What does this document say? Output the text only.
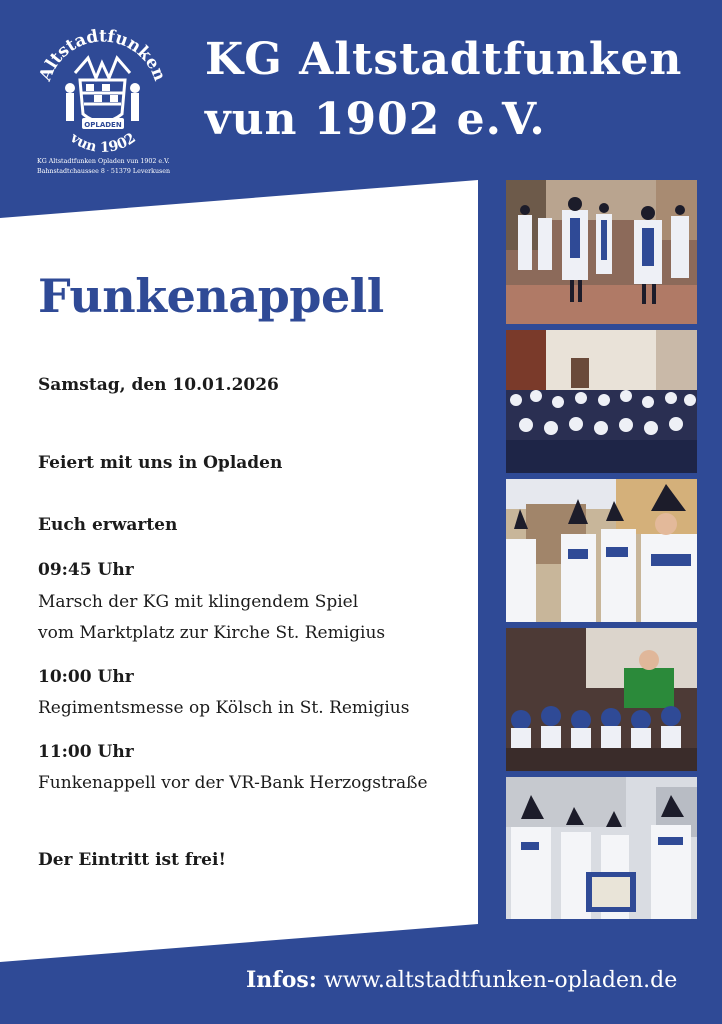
Altstadtfunken
vun 1902
OPLADEN
KG Altstadtfunken Opladen vun 1902 e.V.
Bahnstadtchaussee 8 · 51379 Leverkusen
KG Altstadtfunken
vun 1902 e.V.
Funkenappell
Samstag, den 10.01.2026
Feiert mit uns in Opladen
Euch erwarten
09:45 Uhr
Marsch der KG mit klingendem Spiel
vom Marktplatz zur Kirche St. Remigius
10:00 Uhr
Regimentsmesse op Kölsch in St. Remigius
11:00 Uhr
Funkenappell vor der VR-Bank Herzogstraße
Der Eintritt ist frei!
Infos: www.altstadtfunken-opladen.de
